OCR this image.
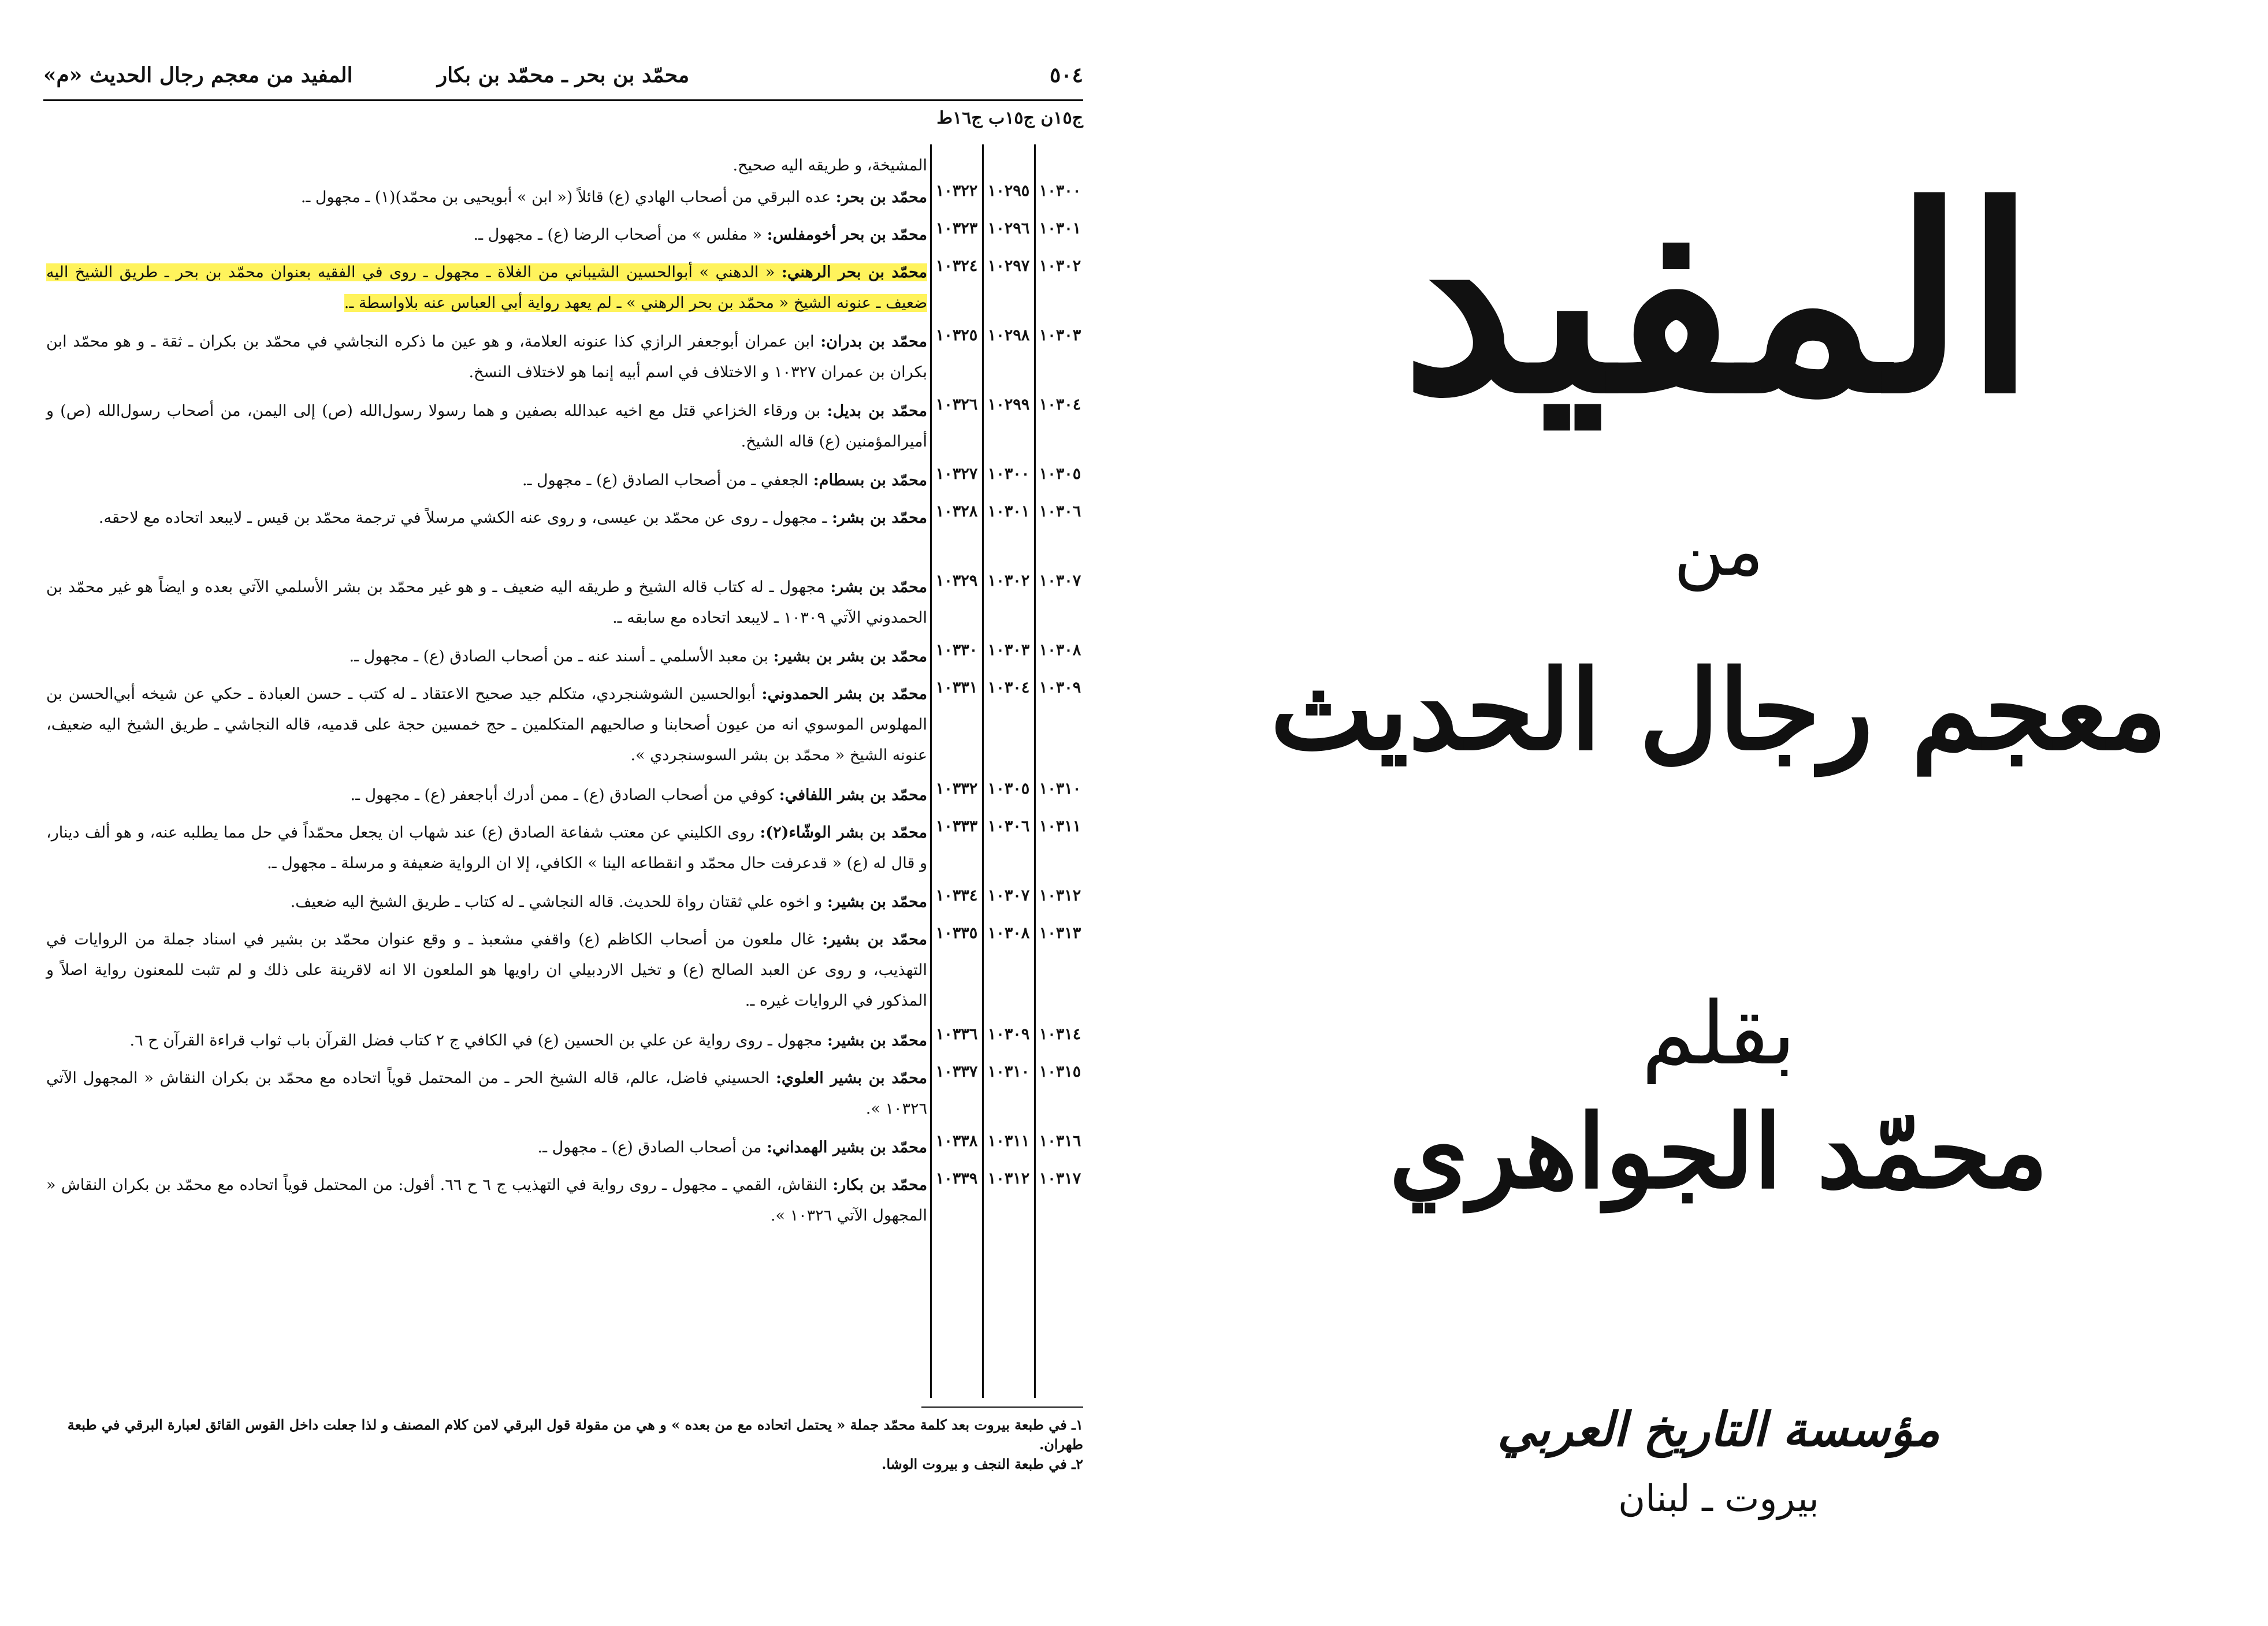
٥٠٤
محمّد بن بحر ـ محمّد بن بكار
المفيد من معجم رجال الحديث «م»
ج١٥ن ج١٥ب ج١٦ط
المشيخة، و طريقه اليه صحيح.
١٠٣٠٠
١٠٢٩٥
١٠٣٢٢
محمّد بن بحر: عده البرقي من أصحاب الهادي (ع) قائلاً (« ابن » أبويحيى بن محمّد)(١) ـ مجهول ـ.
١٠٣٠١
١٠٢٩٦
١٠٣٢٣
محمّد بن بحر أخومفلس: « مفلس » من أصحاب الرضا (ع) ـ مجهول ـ.
١٠٣٠٢
١٠٢٩٧
١٠٣٢٤
محمّد بن بحر الرهني: « الدهني » أبوالحسين الشيباني من الغلاة ـ مجهول ـ روى في الفقيه بعنوان محمّد بن بحر ـ طريق الشيخ اليه ضعيف ـ عنونه الشيخ « محمّد بن بحر الرهني » ـ لم يعهد رواية أبي العباس عنه بلاواسطة ـ.
١٠٣٠٣
١٠٢٩٨
١٠٣٢٥
محمّد بن بدران: ابن عمران أبوجعفر الرازي كذا عنونه العلامة، و هو عين ما ذكره النجاشي في محمّد بن بكران ـ ثقة ـ و هو محمّد ابن بكران بن عمران ١٠٣٢٧ و الاختلاف في اسم أبيه إنما هو لاختلاف النسخ.
١٠٣٠٤
١٠٢٩٩
١٠٣٢٦
محمّد بن بديل: بن ورقاء الخزاعي قتل مع اخيه عبدالله بصفين و هما رسولا رسول‌الله (ص) إلى اليمن، من أصحاب رسول‌الله (ص) و أميرالمؤمنين (ع) قاله الشيخ.
١٠٣٠٥
١٠٣٠٠
١٠٣٢٧
محمّد بن بسطام: الجعفي ـ من أصحاب الصادق (ع) ـ مجهول ـ.
١٠٣٠٦
١٠٣٠١
١٠٣٢٨
محمّد بن بشر: ـ مجهول ـ روى عن محمّد بن عيسى، و روى عنه الكشي مرسلاً في ترجمة محمّد بن قيس ـ لايبعد اتحاده مع لاحقه.
١٠٣٠٧
١٠٣٠٢
١٠٣٢٩
محمّد بن بشر: مجهول ـ له كتاب قاله الشيخ و طريقه اليه ضعيف ـ و هو غير محمّد بن بشر الأسلمي الآتي بعده و ايضاً هو غير محمّد بن الحمدوني الآتي ١٠٣٠٩ ـ لايبعد اتحاده مع سابقه ـ.
١٠٣٠٨
١٠٣٠٣
١٠٣٣٠
محمّد بن بشر بن بشير: بن معبد الأسلمي ـ أسند عنه ـ من أصحاب الصادق (ع) ـ مجهول ـ.
١٠٣٠٩
١٠٣٠٤
١٠٣٣١
محمّد بن بشر الحمدوني: أبوالحسين الشوشنجردي، متكلم جيد صحيح الاعتقاد ـ له كتب ـ حسن العبادة ـ حكي عن شيخه أبي‌الحسن بن المهلوس الموسوي انه من عيون أصحابنا و صالحيهم المتكلمين ـ حج خمسين حجة على قدميه، قاله النجاشي ـ طريق الشيخ اليه ضعيف، عنونه الشيخ « محمّد بن بشر السوسنجردي ».
١٠٣١٠
١٠٣٠٥
١٠٣٣٢
محمّد بن بشر اللفافي: كوفي من أصحاب الصادق (ع) ـ ممن أدرك أباجعفر (ع) ـ مجهول ـ.
١٠٣١١
١٠٣٠٦
١٠٣٣٣
محمّد بن بشر الوشّاء(٢): روى الكليني عن معتب شفاعة الصادق (ع) عند شهاب ان يجعل محمّداً في حل مما يطلبه عنه، و هو ألف دينار، و قال له (ع) « قدعرفت حال محمّد و انقطاعه الينا » الكافي، إلا ان الرواية ضعيفة و مرسلة ـ مجهول ـ.
١٠٣١٢
١٠٣٠٧
١٠٣٣٤
محمّد بن بشير: و اخوه علي ثقتان رواة للحديث. قاله النجاشي ـ له كتاب ـ طريق الشيخ اليه ضعيف.
١٠٣١٣
١٠٣٠٨
١٠٣٣٥
محمّد بن بشير: غال ملعون من أصحاب الكاظم (ع) واقفي مشعبذ ـ و وقع عنوان محمّد بن بشير في اسناد جملة من الروايات في التهذيب، و روى عن العبد الصالح (ع) و تخيل الاردبيلي ان راويها هو الملعون الا انه لاقرينة على ذلك و لم تثبت للمعنون رواية اصلاً و المذكور في الروايات غيره ـ.
١٠٣١٤
١٠٣٠٩
١٠٣٣٦
محمّد بن بشير: مجهول ـ روى رواية عن علي بن الحسين (ع) في الكافي ج ٢ كتاب فضل القرآن باب ثواب قراءة القرآن ح ٦.
١٠٣١٥
١٠٣١٠
١٠٣٣٧
محمّد بن بشير العلوي: الحسيني فاضل، عالم، قاله الشيخ الحر ـ من المحتمل قوياً اتحاده مع محمّد بن بكران النقاش « المجهول الآتي ١٠٣٢٦ ».
١٠٣١٦
١٠٣١١
١٠٣٣٨
محمّد بن بشير الهمداني: من أصحاب الصادق (ع) ـ مجهول ـ.
١٠٣١٧
١٠٣١٢
١٠٣٣٩
محمّد بن بكار: النقاش، القمي ـ مجهول ـ روى رواية في التهذيب ج ٦ ح ٦٦. أقول: من المحتمل قوياً اتحاده مع محمّد بن بكران النقاش « المجهول الآتي ١٠٣٢٦ ».
١ـ في طبعة بيروت بعد كلمة محمّد جملة « يحتمل اتحاده مع من بعده » و هي من مقولة قول البرقي لامن كلام المصنف و لذا جعلت داخل القوس القائق لعبارة البرقي في طبعة طهران.
٢ـ في طبعة النجف و بيروت الوشا.
المفيد
من
معجم رجال الحديث
بقلم
محمّد الجواهري
مؤسسة التاريخ العربي
بيروت ـ لبنان
